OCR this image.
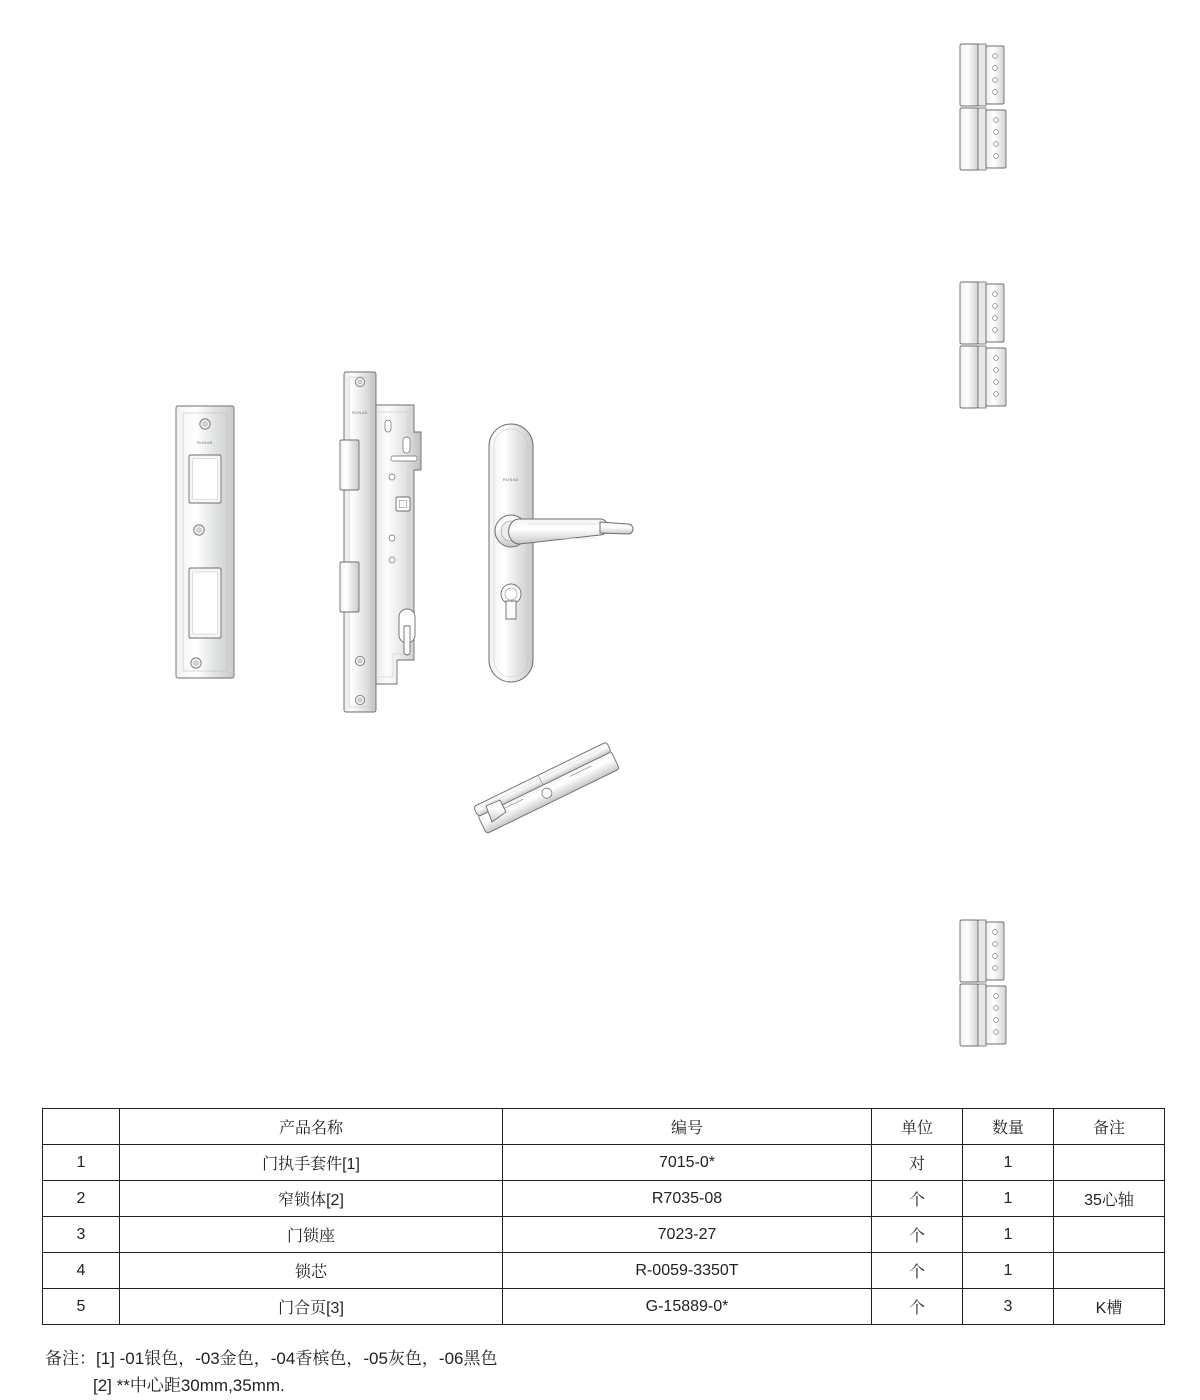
RUNAE
RUNAE
RUNAE
	产品名称	编号	单位	数量	备注
1	门执手套件[1]	7015-0*	对	1	
2	窄锁体[2]	R7035-08	个	1	35心轴
3	门锁座	7023-27	个	1	
4	锁芯	R-0059-3350T	个	1	
5	门合页[3]	G-15889-0*	个	3	K槽
备注：[1] -01银色，-03金色，-04香槟色，-05灰色，-06黑色
[2] **中心距30mm,35mm.
